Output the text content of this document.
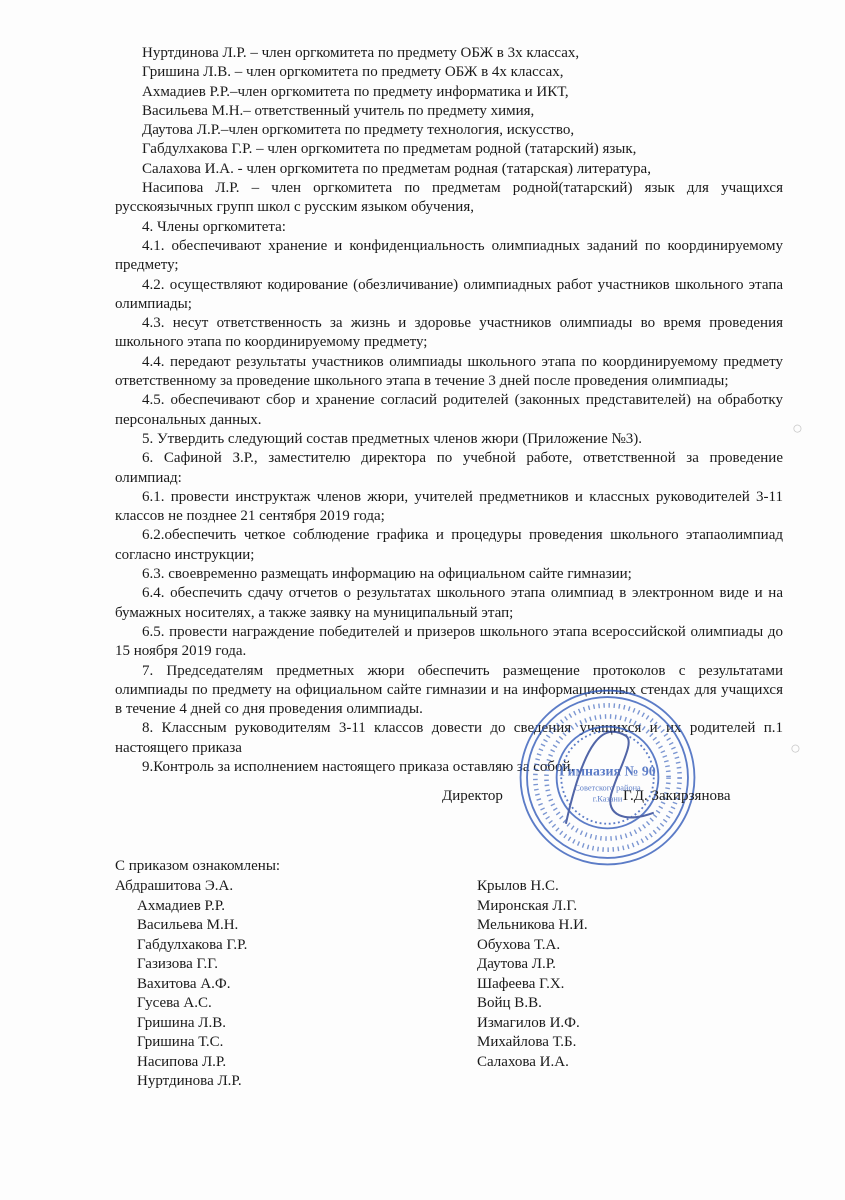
Нуртдинова Л.Р. – член оргкомитета по предмету ОБЖ в 3х классах,

Гришина Л.В. – член оргкомитета по предмету ОБЖ в 4х классах,

Ахмадиев Р.Р.–член оргкомитета по предмету информатика и ИКТ,

Васильева М.Н.– ответственный учитель по предмету химия,

Даутова Л.Р.–член оргкомитета по предмету технология, искусство,

Габдулхакова Г.Р. – член оргкомитета по предметам родной (татарский) язык,

Салахова И.А. - член оргкомитета по предметам родная (татарская) литература,

Насипова Л.Р. – член оргкомитета по предметам родной(татарский) язык для учащихся русскоязычных групп школ с русским языком обучения,

4. Члены оргкомитета:

4.1. обеспечивают хранение и конфиденциальность олимпиадных заданий по координируемому предмету;

4.2. осуществляют кодирование (обезличивание) олимпиадных работ участников школьного этапа олимпиады;

4.3. несут ответственность за жизнь и здоровье участников олимпиады во время проведения школьного этапа по координируемому предмету;

4.4. передают результаты участников олимпиады школьного этапа по координируемому предмету ответственному за проведение школьного этапа в течение 3 дней после проведения олимпиады;

4.5. обеспечивают сбор и хранение согласий родителей (законных представителей) на обработку персональных данных.

5. Утвердить следующий состав предметных членов жюри (Приложение №3).

6. Сафиной З.Р., заместителю директора по учебной работе, ответственной за проведение олимпиад:

6.1. провести инструктаж членов жюри, учителей предметников и классных руководителей 3-11 классов не позднее 21 сентября 2019 года;

6.2.обеспечить четкое соблюдение графика и процедуры проведения школьного этапаолимпиад согласно инструкции;

6.3. своевременно размещать информацию на официальном сайте гимназии;

6.4. обеспечить сдачу отчетов о результатах школьного этапа олимпиад в электронном виде и на бумажных носителях, а также заявку на муниципальный этап;

6.5. провести награждение победителей и призеров школьного этапа всероссийской олимпиады до 15 ноября 2019 года.

7. Председателям предметных жюри обеспечить размещение протоколов с результатами олимпиады по предмету на официальном сайте гимназии и на информационных стендах для учащихся в течение 4 дней со дня проведения олимпиады.

8. Классным руководителям 3-11 классов довести до сведения учащихся и их родителей п.1 настоящего приказа

9.Контроль за исполнением настоящего приказа оставляю за собой.

Гимназия № 90
Советского района
г.Казани
Директор	Г.Д. Закирзянова
С приказом ознакомлены:
Абдрашитова Э.А.
Ахмадиев Р.Р.
Васильева М.Н.
Габдулхакова Г.Р.
Газизова Г.Г.
Вахитова А.Ф.
Гусева А.С.
Гришина Л.В.
Гришина Т.С.
Насипова Л.Р.
Нуртдинова Л.Р.
Крылов Н.С.
Миронская Л.Г.
Мельникова Н.И.
Обухова Т.А.
Даутова Л.Р.
Шафеева Г.Х.
Войц В.В.
Измагилов И.Ф.
Михайлова Т.Б.
Салахова И.А.
○
○
